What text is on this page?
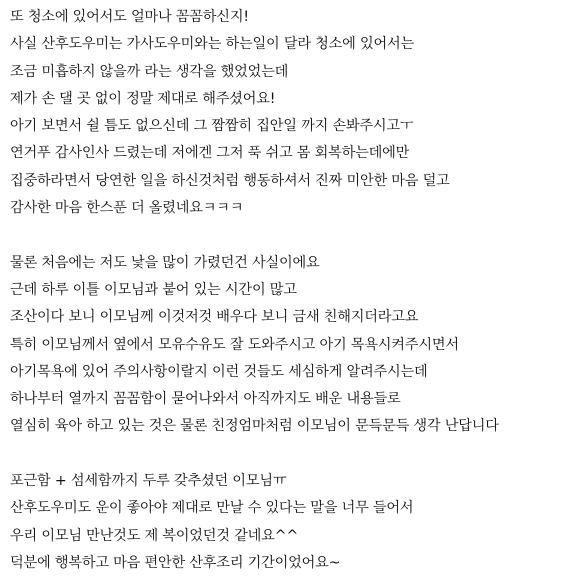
또 청소에 있어서도 얼마나 꼼꼼하신지!
사실 산후도우미는 가사도우미와는 하는일이 달라 청소에 있어서는
조금 미흡하지 않을까 라는 생각을 했었었는데
제가 손 댈 곳 없이 정말 제대로 해주셨어요!
아기 보면서 쉴 틈도 없으신데 그 짬짬히 집안일 까지 손봐주시고ㅜ
연거푸 감사인사 드렸는데 저에겐 그저 푹 쉬고 몸 회복하는데에만
집중하라면서 당연한 일을 하신것처럼 행동하셔서 진짜 미안한 마음 덜고
감사한 마음 한스푼 더 올렸네요ㅋㅋㅋ
물론 처음에는 저도 낯을 많이 가렸던건 사실이에요
근데 하루 이틀 이모님과 붙어 있는 시간이 많고
조산이다 보니 이모님께 이것저것 배우다 보니 금새 친해지더라고요
특히 이모님께서 옆에서 모유수유도 잘 도와주시고 아기 목욕시켜주시면서
아기목욕에 있어 주의사항이랄지 이런 것들도 세심하게 알려주시는데
하나부터 열까지 꼼꼼함이 묻어나와서 아직까지도 배운 내용들로
열심히 육아 하고 있는 것은 물론 친정엄마처럼 이모님이 문득문득 생각 난답니다
포근함 + 섬세함까지 두루 갖추셨던 이모님ㅠ
산후도우미도 운이 좋아야 제대로 만날 수 있다는 말을 너무 들어서
우리 이모님 만난것도 제 복이었던것 같네요^^
덕분에 행복하고 마음 편안한 산후조리 기간이었어요~
